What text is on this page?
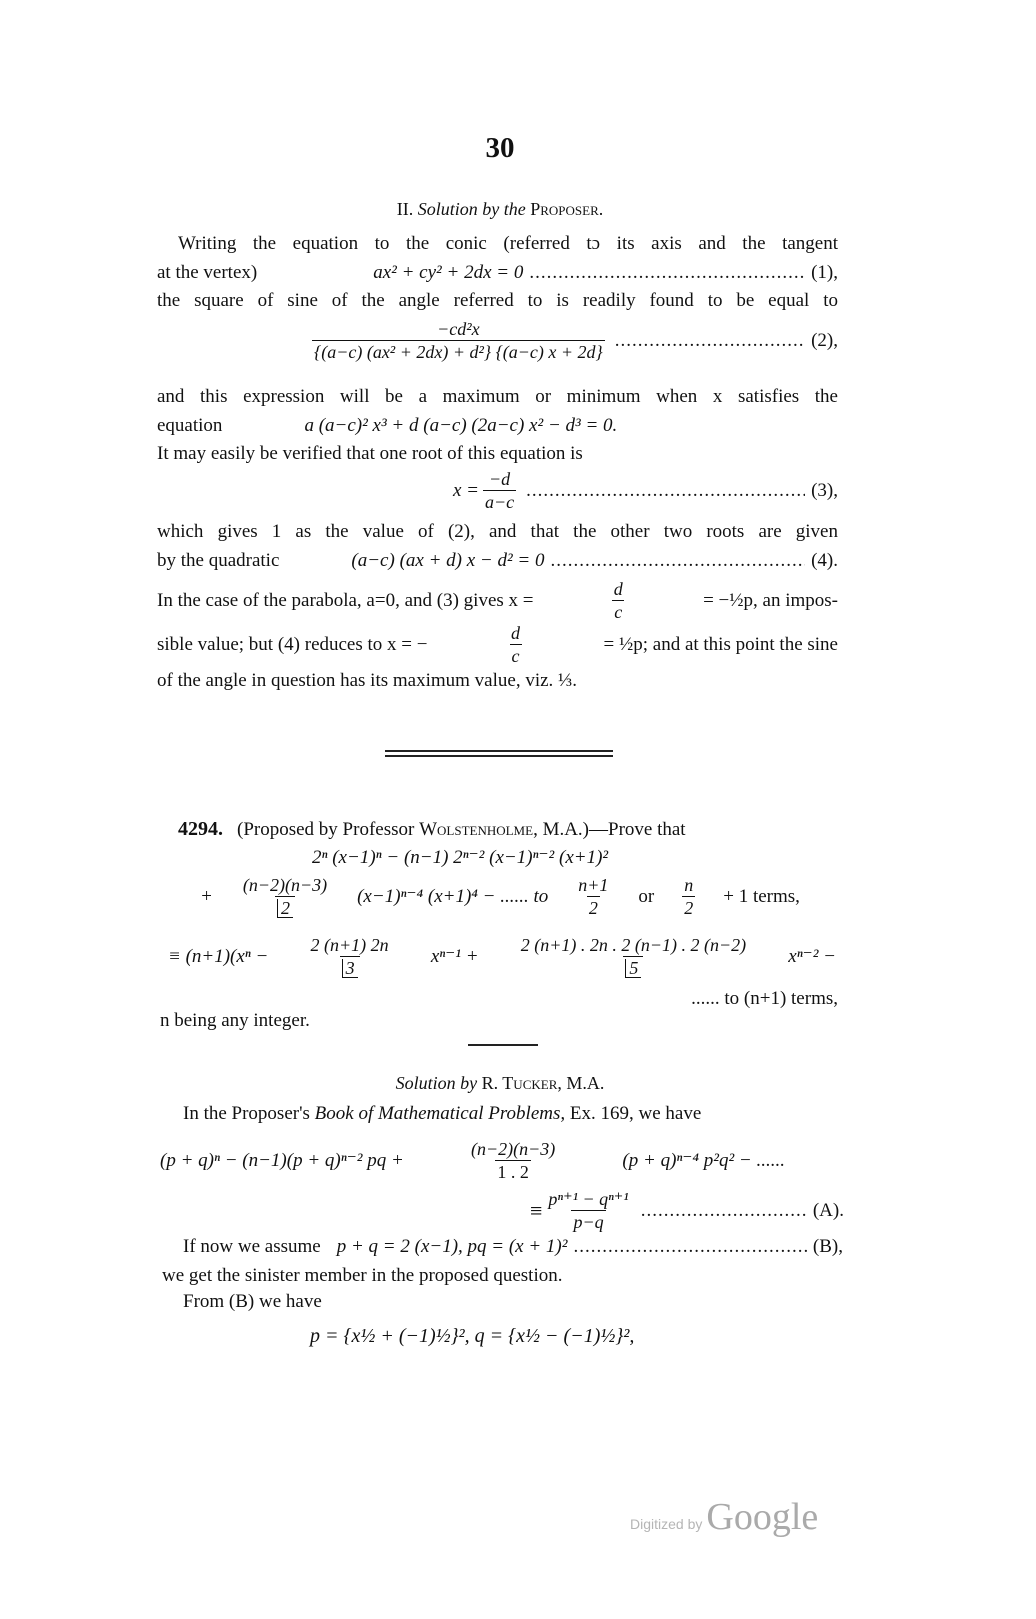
30
II. Solution by the Proposer.
Writing the equation to the conic (referred tɔ its axis and the tangent
at the vertex)	ax² + cy² + 2dx = 0 .....	(1),
the square of sine of the angle referred to is readily found to be equal to
$\frac{\text{−cd²x}}{\text{\{(a−c) (ax² + 2dx) + d²\} \{(a−c) x + 2d\}}}$ .....	(2),
and this expression will be a maximum or minimum when x satisfies the
equation	a (a−c)² x³ + d (a−c) (2a−c) x² − d³ = 0.
It may easily be verified that one root of this equation is
$x = \frac{-d}{a-c}$ .....	(3),
which gives 1 as the value of (2), and that the other two roots are given
by the quadratic	(a−c) (ax + d) x − d² = 0 .....	(4).
In the case of the parabola, a=0, and (3) gives x =	$\frac{d}{c}$	= −½p, an impos-
sible value; but (4) reduces to x = −	$\frac{d}{c}$	= ½p; and at this point the sine
of the angle in question has its maximum value, viz. ⅓.
4294. (Proposed by Professor
Wolstenholme , M.A.)—Prove that
2ⁿ (x−1)ⁿ − (n−1) 2ⁿ⁻² (x−1)ⁿ⁻² (x+1)²
+ $\frac{(n-2)(n-3)}{2} (x-1)^{n-4}$ (x+1)⁴ − ...... to $\frac{n+1}{2}$ or $\frac{n}{2} + 1$ terms,
≡ $(n+1)(x^n - \frac{2 (n+1) 2n}{3} x^{n-1} + \frac{2 (n+1) . 2n . 2 (n-1) . 2 (n-2)}{5} x^{n-2}$ −
...... to (n+1) terms,
n being any integer.
Solution by R. Tucker, M.A.
In the Proposer's Book of Mathematical Problems, Ex. 169, we have
(p + q)ⁿ − (n−1)(p + q)ⁿ⁻² pq +	$\frac{(n-2)(n-3)}{1 . 2}$	(p + q)ⁿ⁻⁴ p²q² − ......
≡ $\frac{\text{pⁿ⁺¹ − qⁿ⁺¹}}{p-q}$ .....	(A).
If now we assume p + q = 2 (x−1), pq = (x + 1)² .....	(B),
we get the sinister member in the proposed question.
From (B) we have
p = {x½ + (−1)½}², q = {x½ − (−1)½}²,
Digitized by Google
